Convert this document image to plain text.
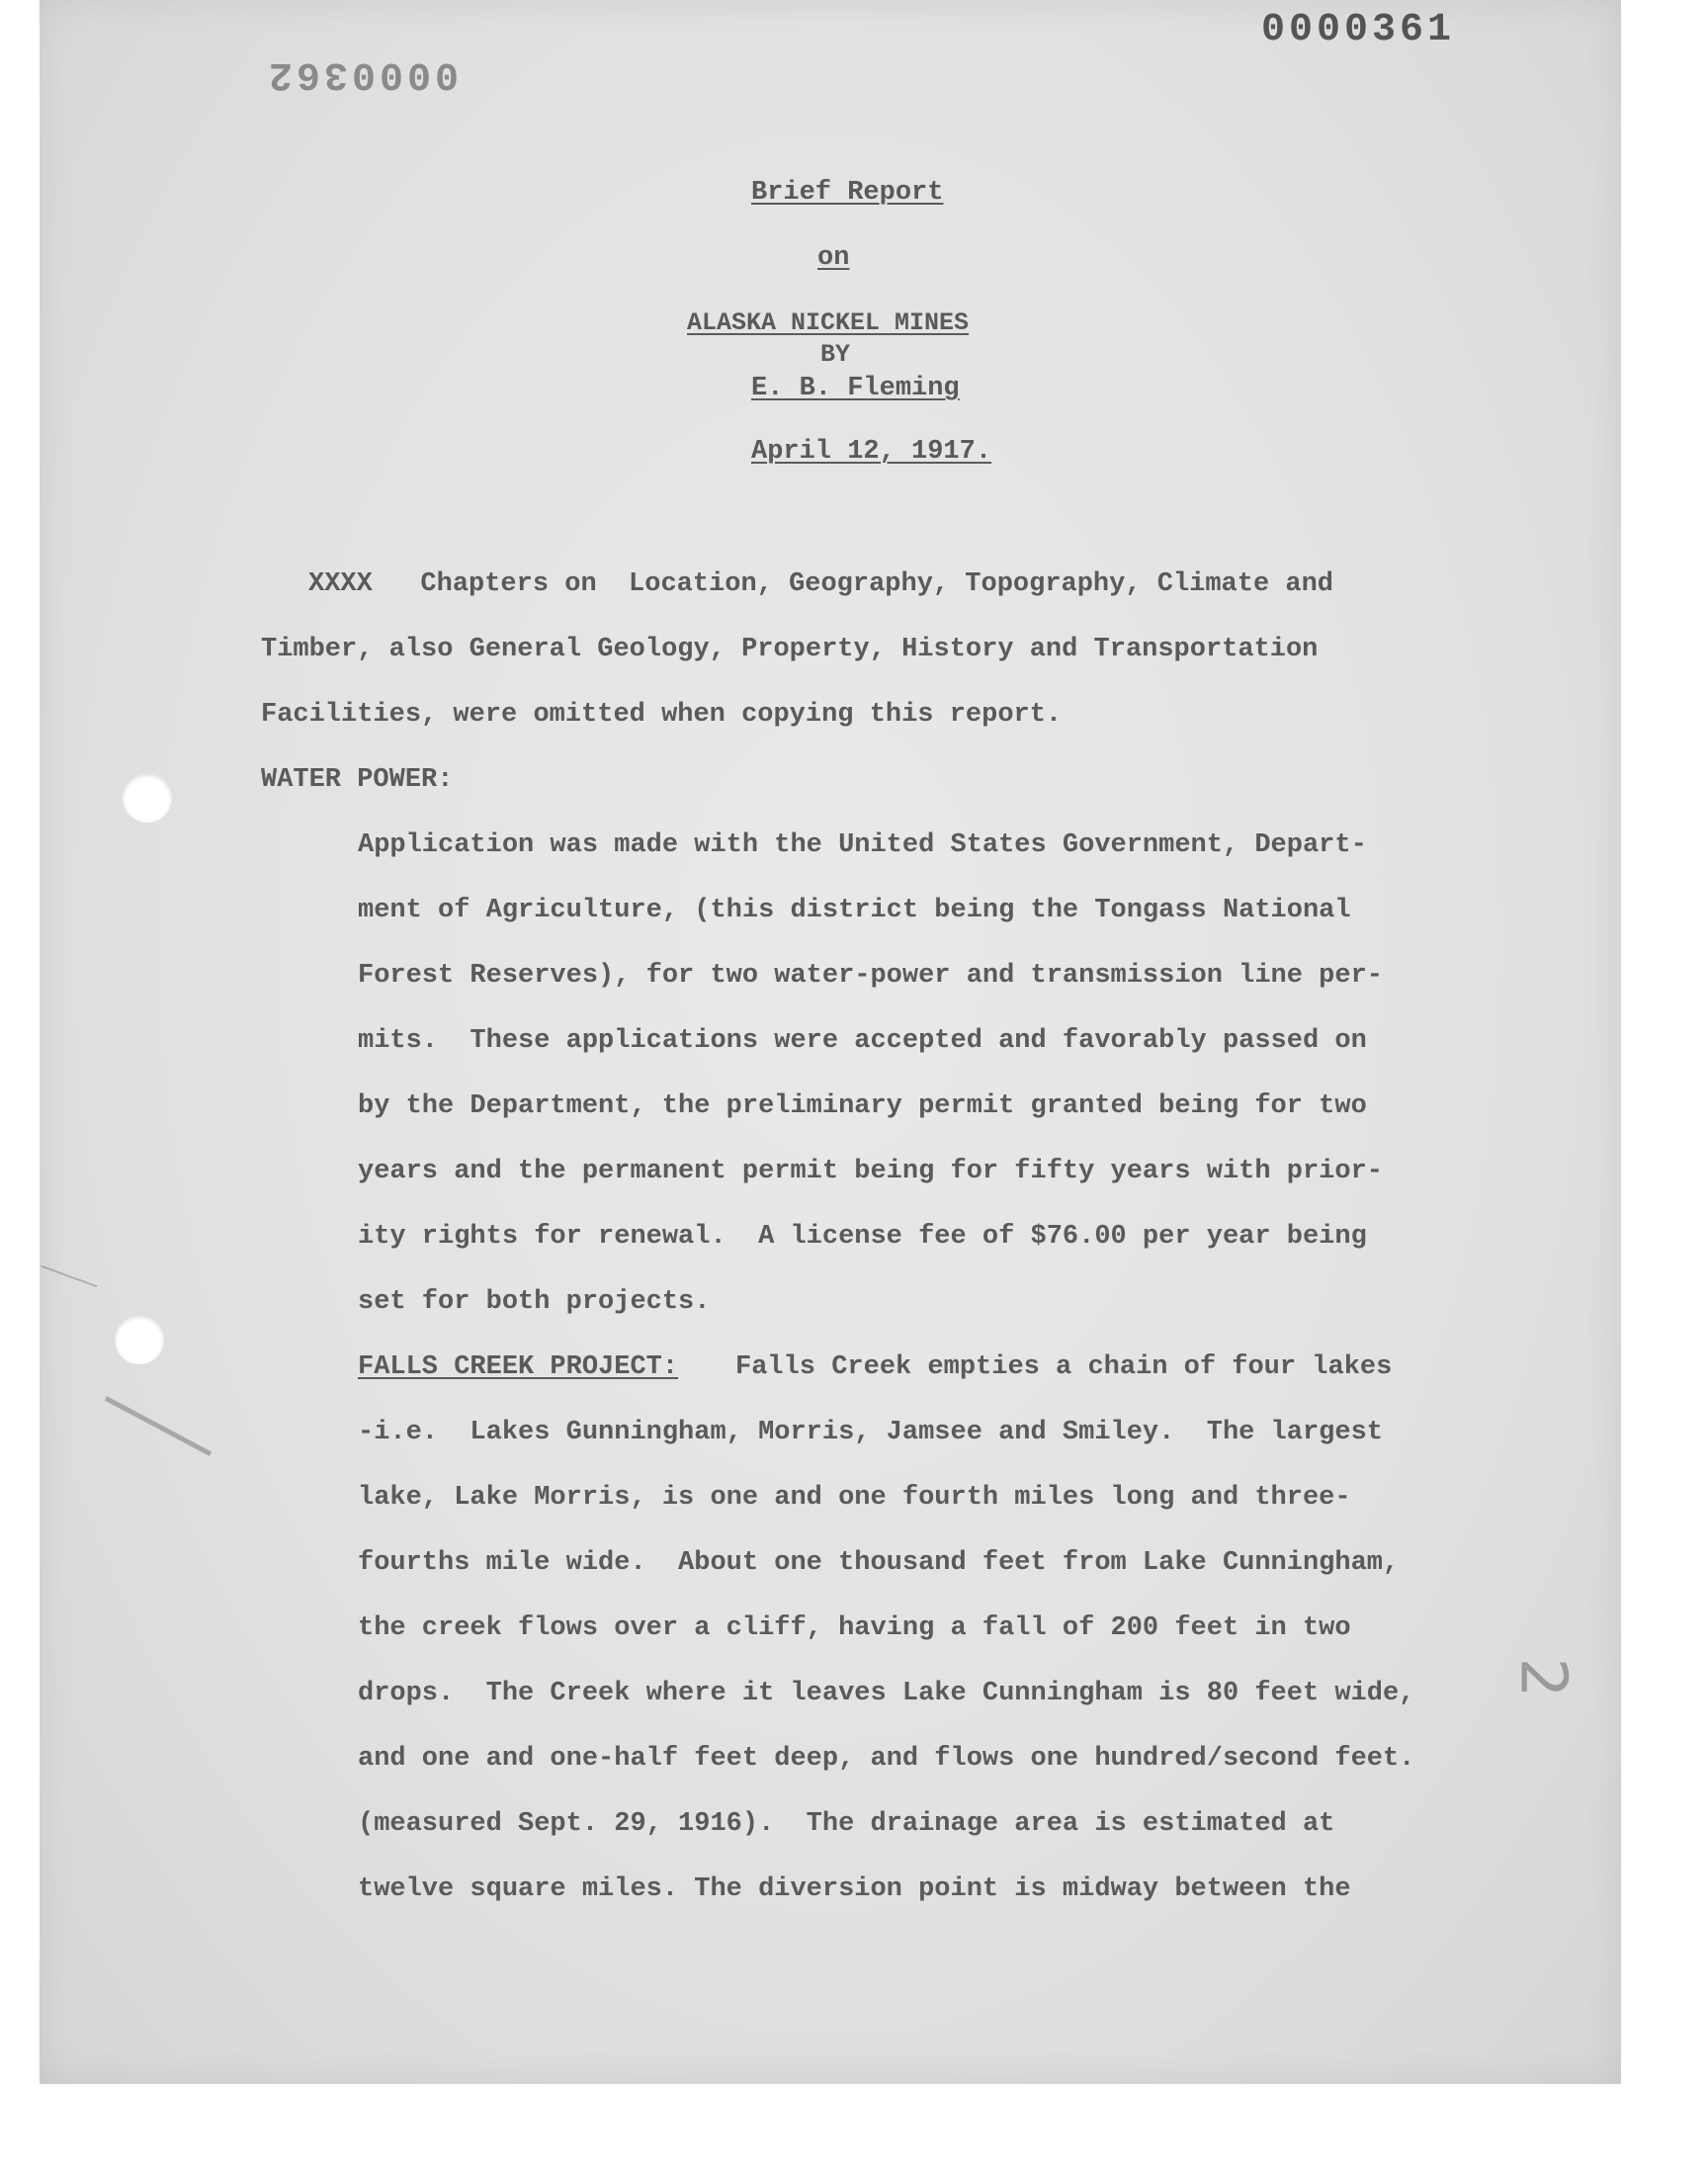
0000361
0000362
2
Brief Report
on
ALASKA NICKEL MINES
BY
E. B. Fleming
April 12, 1917.
XXXX   Chapters on  Location, Geography, Topography, Climate and
Timber, also General Geology, Property, History and Transportation
Facilities, were omitted when copying this report.
WATER POWER:
Application was made with the United States Government, Depart-
ment of Agriculture, (this district being the Tongass National
Forest Reserves), for two water-power and transmission line per-
mits.  These applications were accepted and favorably passed on
by the Department, the preliminary permit granted being for two
years and the permanent permit being for fifty years with prior-
ity rights for renewal.  A license fee of $76.00 per year being
set for both projects.
FALLS CREEK PROJECT: Falls Creek empties a chain of four lakes
-i.e.  Lakes Gunningham, Morris, Jamsee and Smiley.  The largest
lake, Lake Morris, is one and one fourth miles long and three-
fourths mile wide.  About one thousand feet from Lake Cunningham,
the creek flows over a cliff, having a fall of 200 feet in two
drops.  The Creek where it leaves Lake Cunningham is 80 feet wide,
and one and one-half feet deep, and flows one hundred/second feet.
(measured Sept. 29, 1916).  The drainage area is estimated at
twelve square miles. The diversion point is midway between the
